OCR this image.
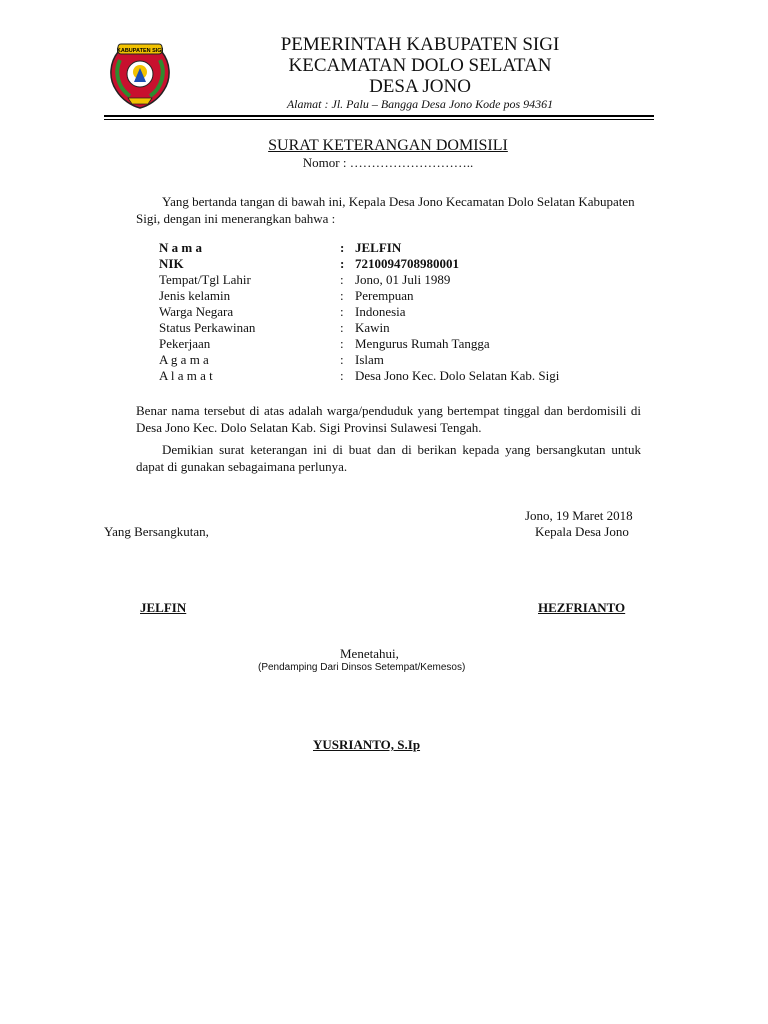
KABUPATEN SIGI	PEMERINTAH KABUPATEN SIGI
KECAMATAN DOLO SELATAN
DESA JONO
Alamat : Jl. Palu – Bangga Desa Jono Kode pos 94361
SURAT KETERANGAN DOMISILI
Nomor : ………………………..
Yang bertanda tangan di bawah ini, Kepala Desa Jono Kecamatan Dolo Selatan Kabupaten Sigi, dengan ini menerangkan bahwa :
N a m a	: JELFIN
NIK	: 7210094708980001
Tempat/Tgl Lahir	: Jono, 01 Juli 1989
Jenis kelamin	: Perempuan
Warga Negara	: Indonesia
Status Perkawinan	: Kawin
Pekerjaan	: Mengurus Rumah Tangga
A g a m a	: Islam
A l a m a t	: Desa Jono Kec. Dolo Selatan Kab. Sigi
Benar nama tersebut di atas adalah warga/penduduk yang bertempat tinggal dan berdomisili di Desa Jono Kec. Dolo Selatan Kab. Sigi Provinsi Sulawesi Tengah.
Demikian surat keterangan ini di buat dan di berikan kepada yang bersangkutan untuk dapat di gunakan sebagaimana perlunya.
Jono, 19 Maret 2018
Yang Bersangkutan,	Kepala Desa Jono
JELFIN	HEZFRIANTO
Menetahui,
(Pendamping Dari Dinsos Setempat/Kemesos)
YUSRIANTO, S.Ip
